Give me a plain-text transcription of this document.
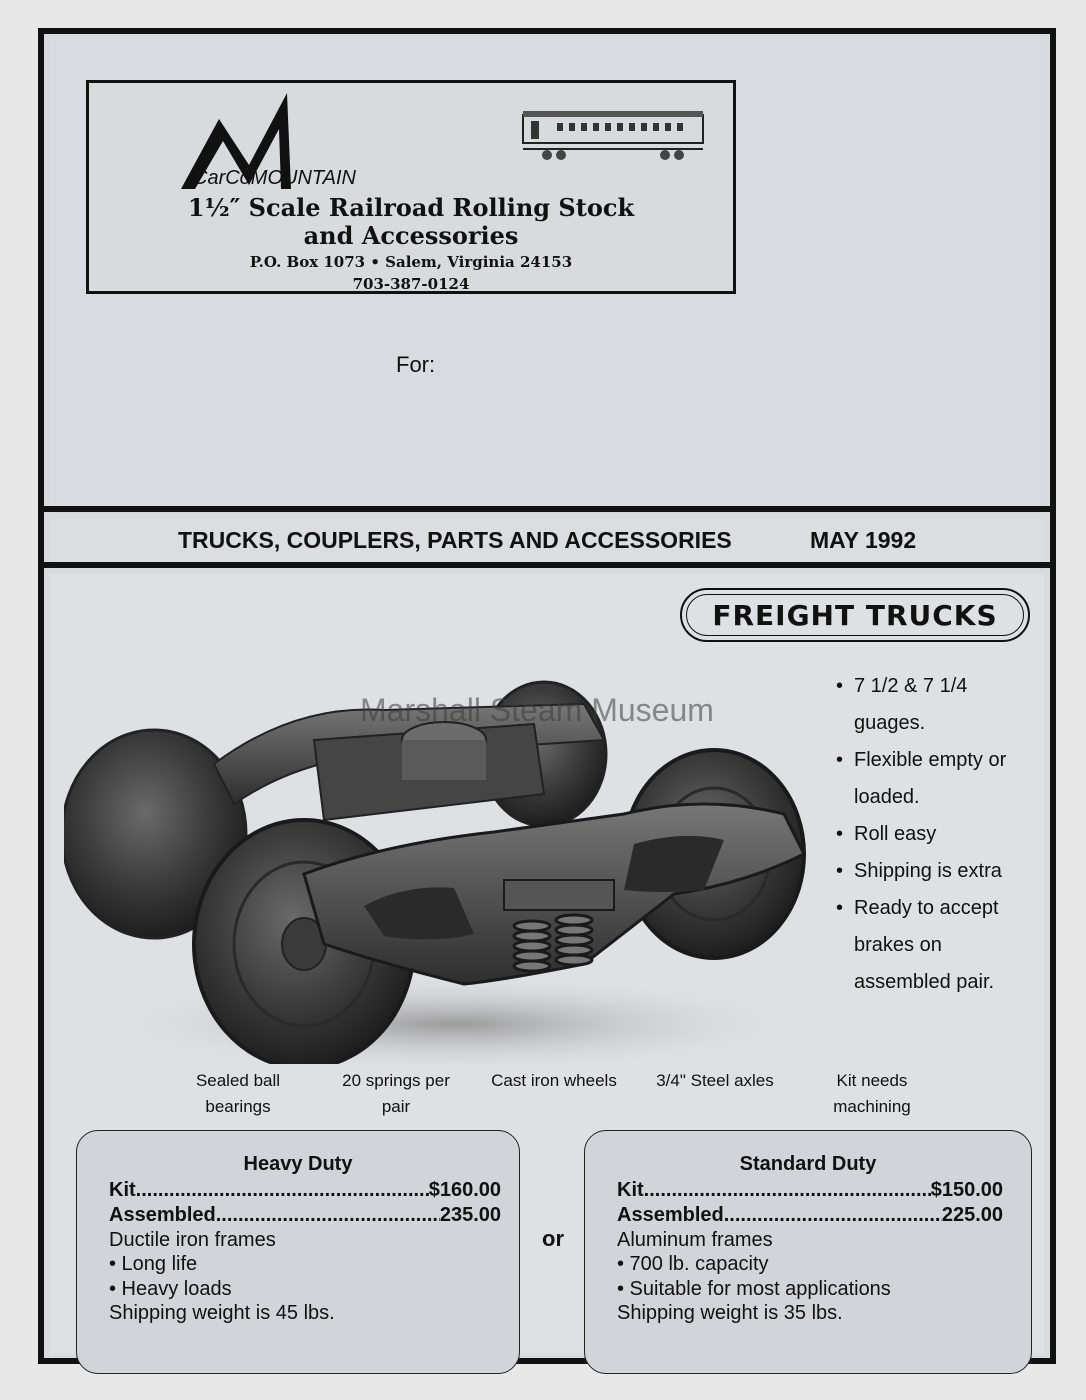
CarCoMOUNTAIN
1½″ Scale Railroad Rolling Stock
and Accessories
P.O. Box 1073 • Salem, Virginia 24153
703-387-0124
For:
TRUCKS, COUPLERS, PARTS AND ACCESSORIES	MAY 1992
FREIGHT TRUCKS
Marshall Steam Museum
• 7 1/2 & 7 1/4 guages.
• Flexible empty or loaded.
• Roll easy
• Shipping is extra
• Ready to accept brakes on assembled pair.
Sealed ball bearings
20 springs per pair
Cast iron wheels	3/4" Steel axles	Kit needs machining
Heavy Duty
Kit .....	$160.00
Assembled .....	235.00
Ductile iron frames
• Long life
• Heavy loads
Shipping weight is 45 lbs.
or
Standard Duty
Kit .....	$150.00
Assembled .....	225.00
Aluminum frames
• 700 lb. capacity
• Suitable for most applications
Shipping weight is 35 lbs.
